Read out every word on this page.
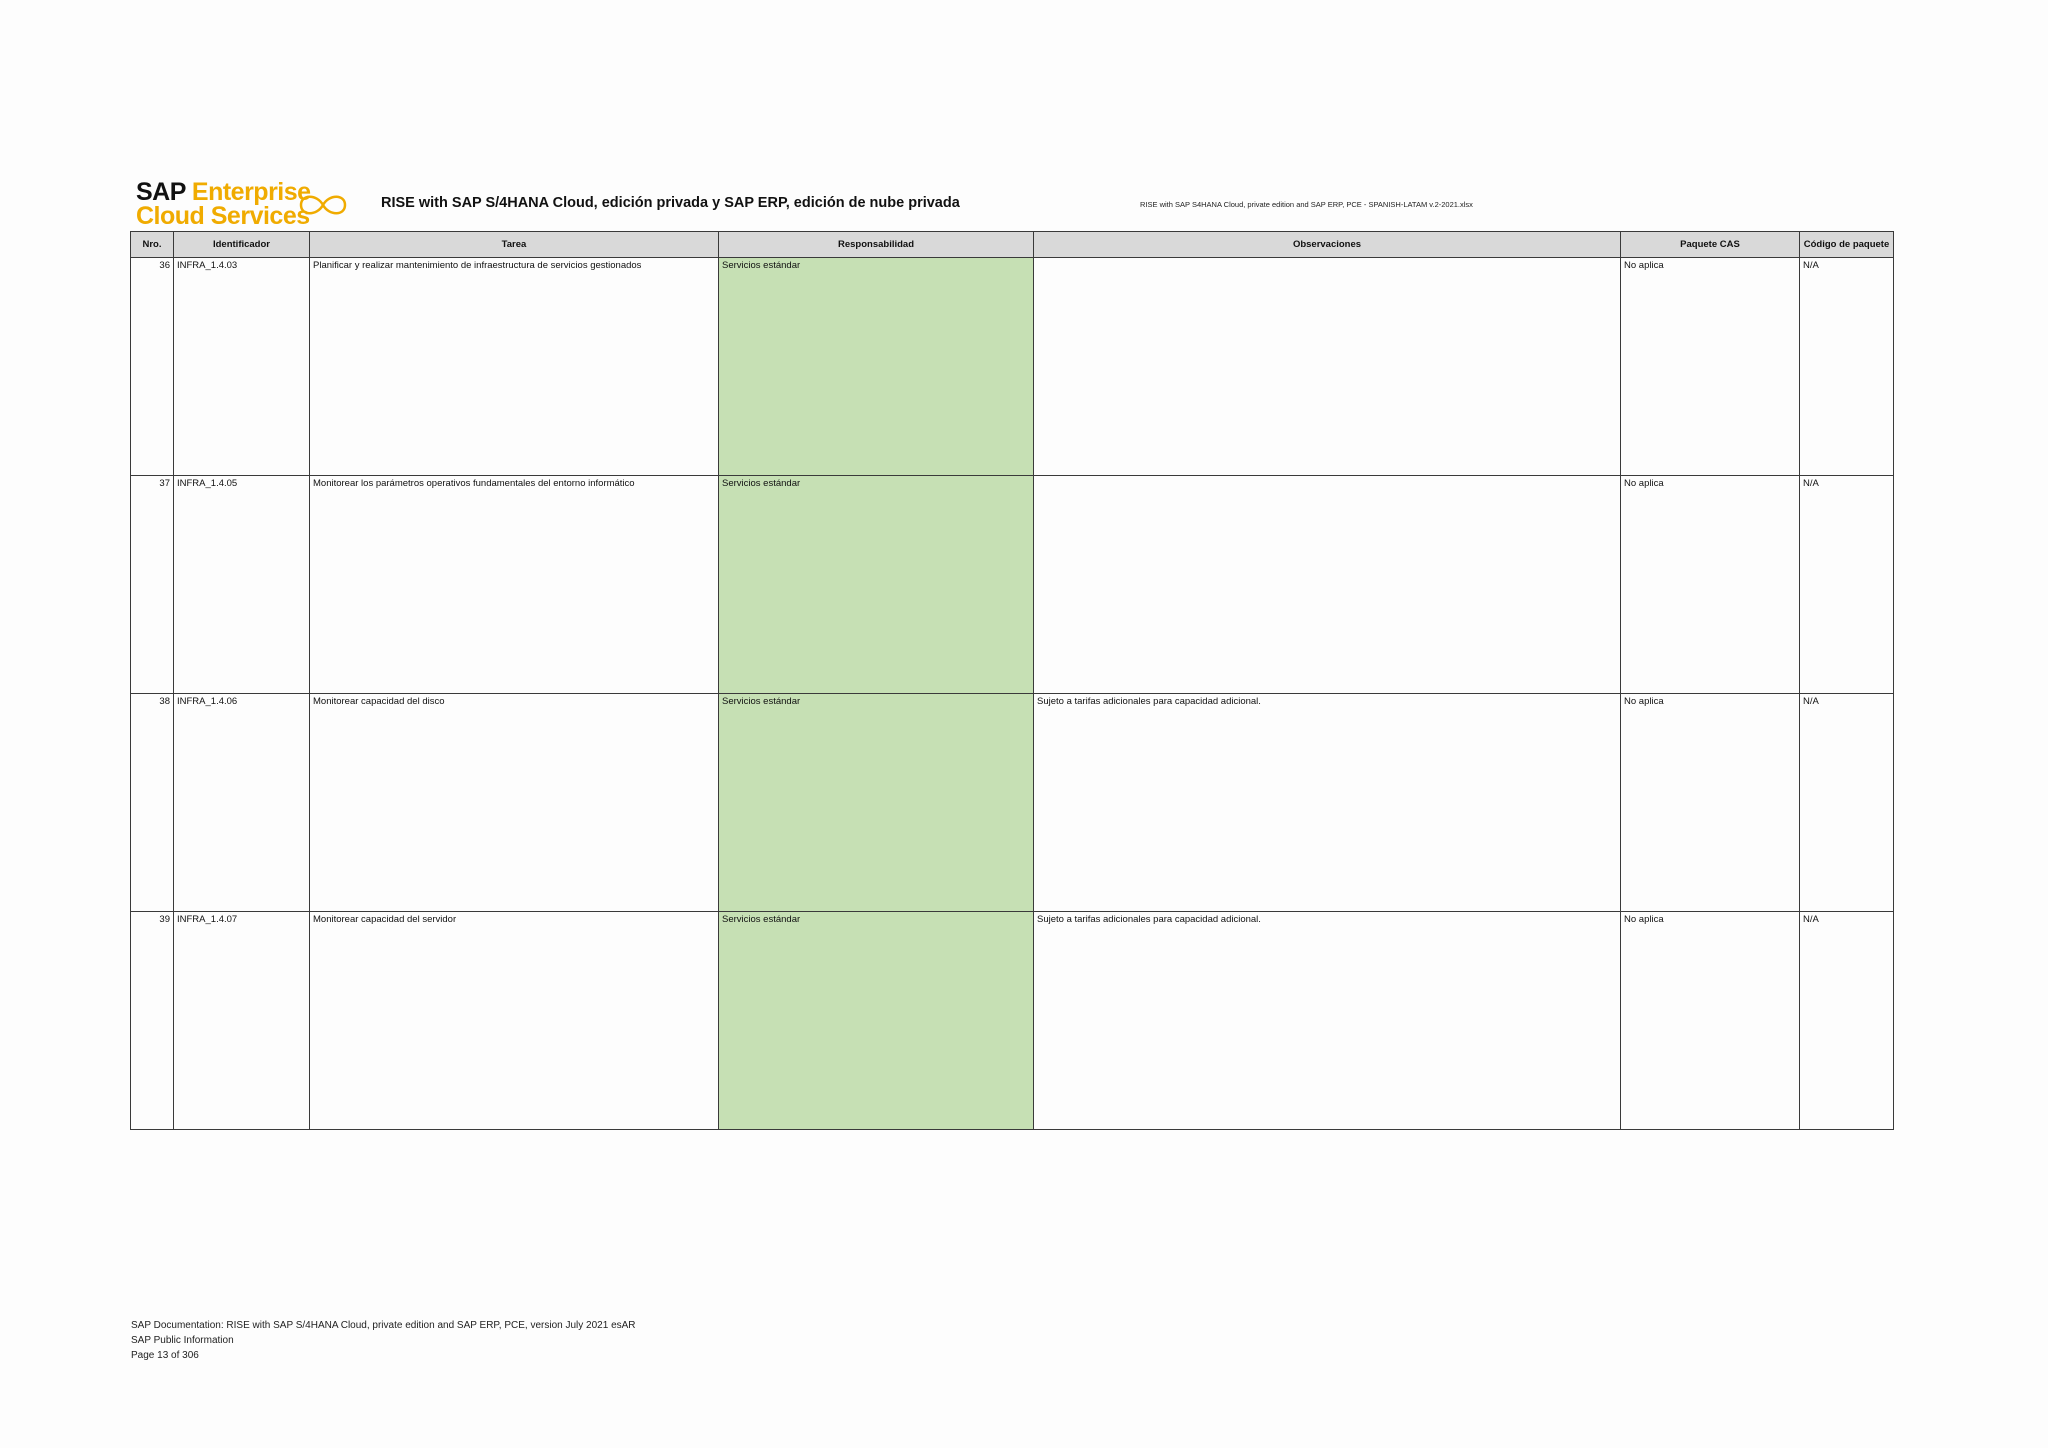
SAP Enterprise
Cloud Services	RISE with SAP S/4HANA Cloud, edición privada y SAP ERP, edición de nube privada	RISE with SAP S4HANA Cloud, private edition and SAP ERP, PCE - SPANISH-LATAM v.2-2021.xlsx
Nro.	Identificador	Tarea	Responsabilidad	Observaciones	Paquete CAS	Código de paquete
36	INFRA_1.4.03	Planificar y realizar mantenimiento de infraestructura de servicios gestionados	Servicios estándar		No aplica	N/A
37	INFRA_1.4.05	Monitorear los parámetros operativos fundamentales del entorno informático	Servicios estándar		No aplica	N/A
38	INFRA_1.4.06	Monitorear capacidad del disco	Servicios estándar	Sujeto a tarifas adicionales para capacidad adicional.	No aplica	N/A
39	INFRA_1.4.07	Monitorear capacidad del servidor	Servicios estándar	Sujeto a tarifas adicionales para capacidad adicional.	No aplica	N/A
SAP Documentation: RISE with SAP S/4HANA Cloud, private edition and SAP ERP, PCE, version July 2021 esAR
SAP Public Information
Page 13 of 306
